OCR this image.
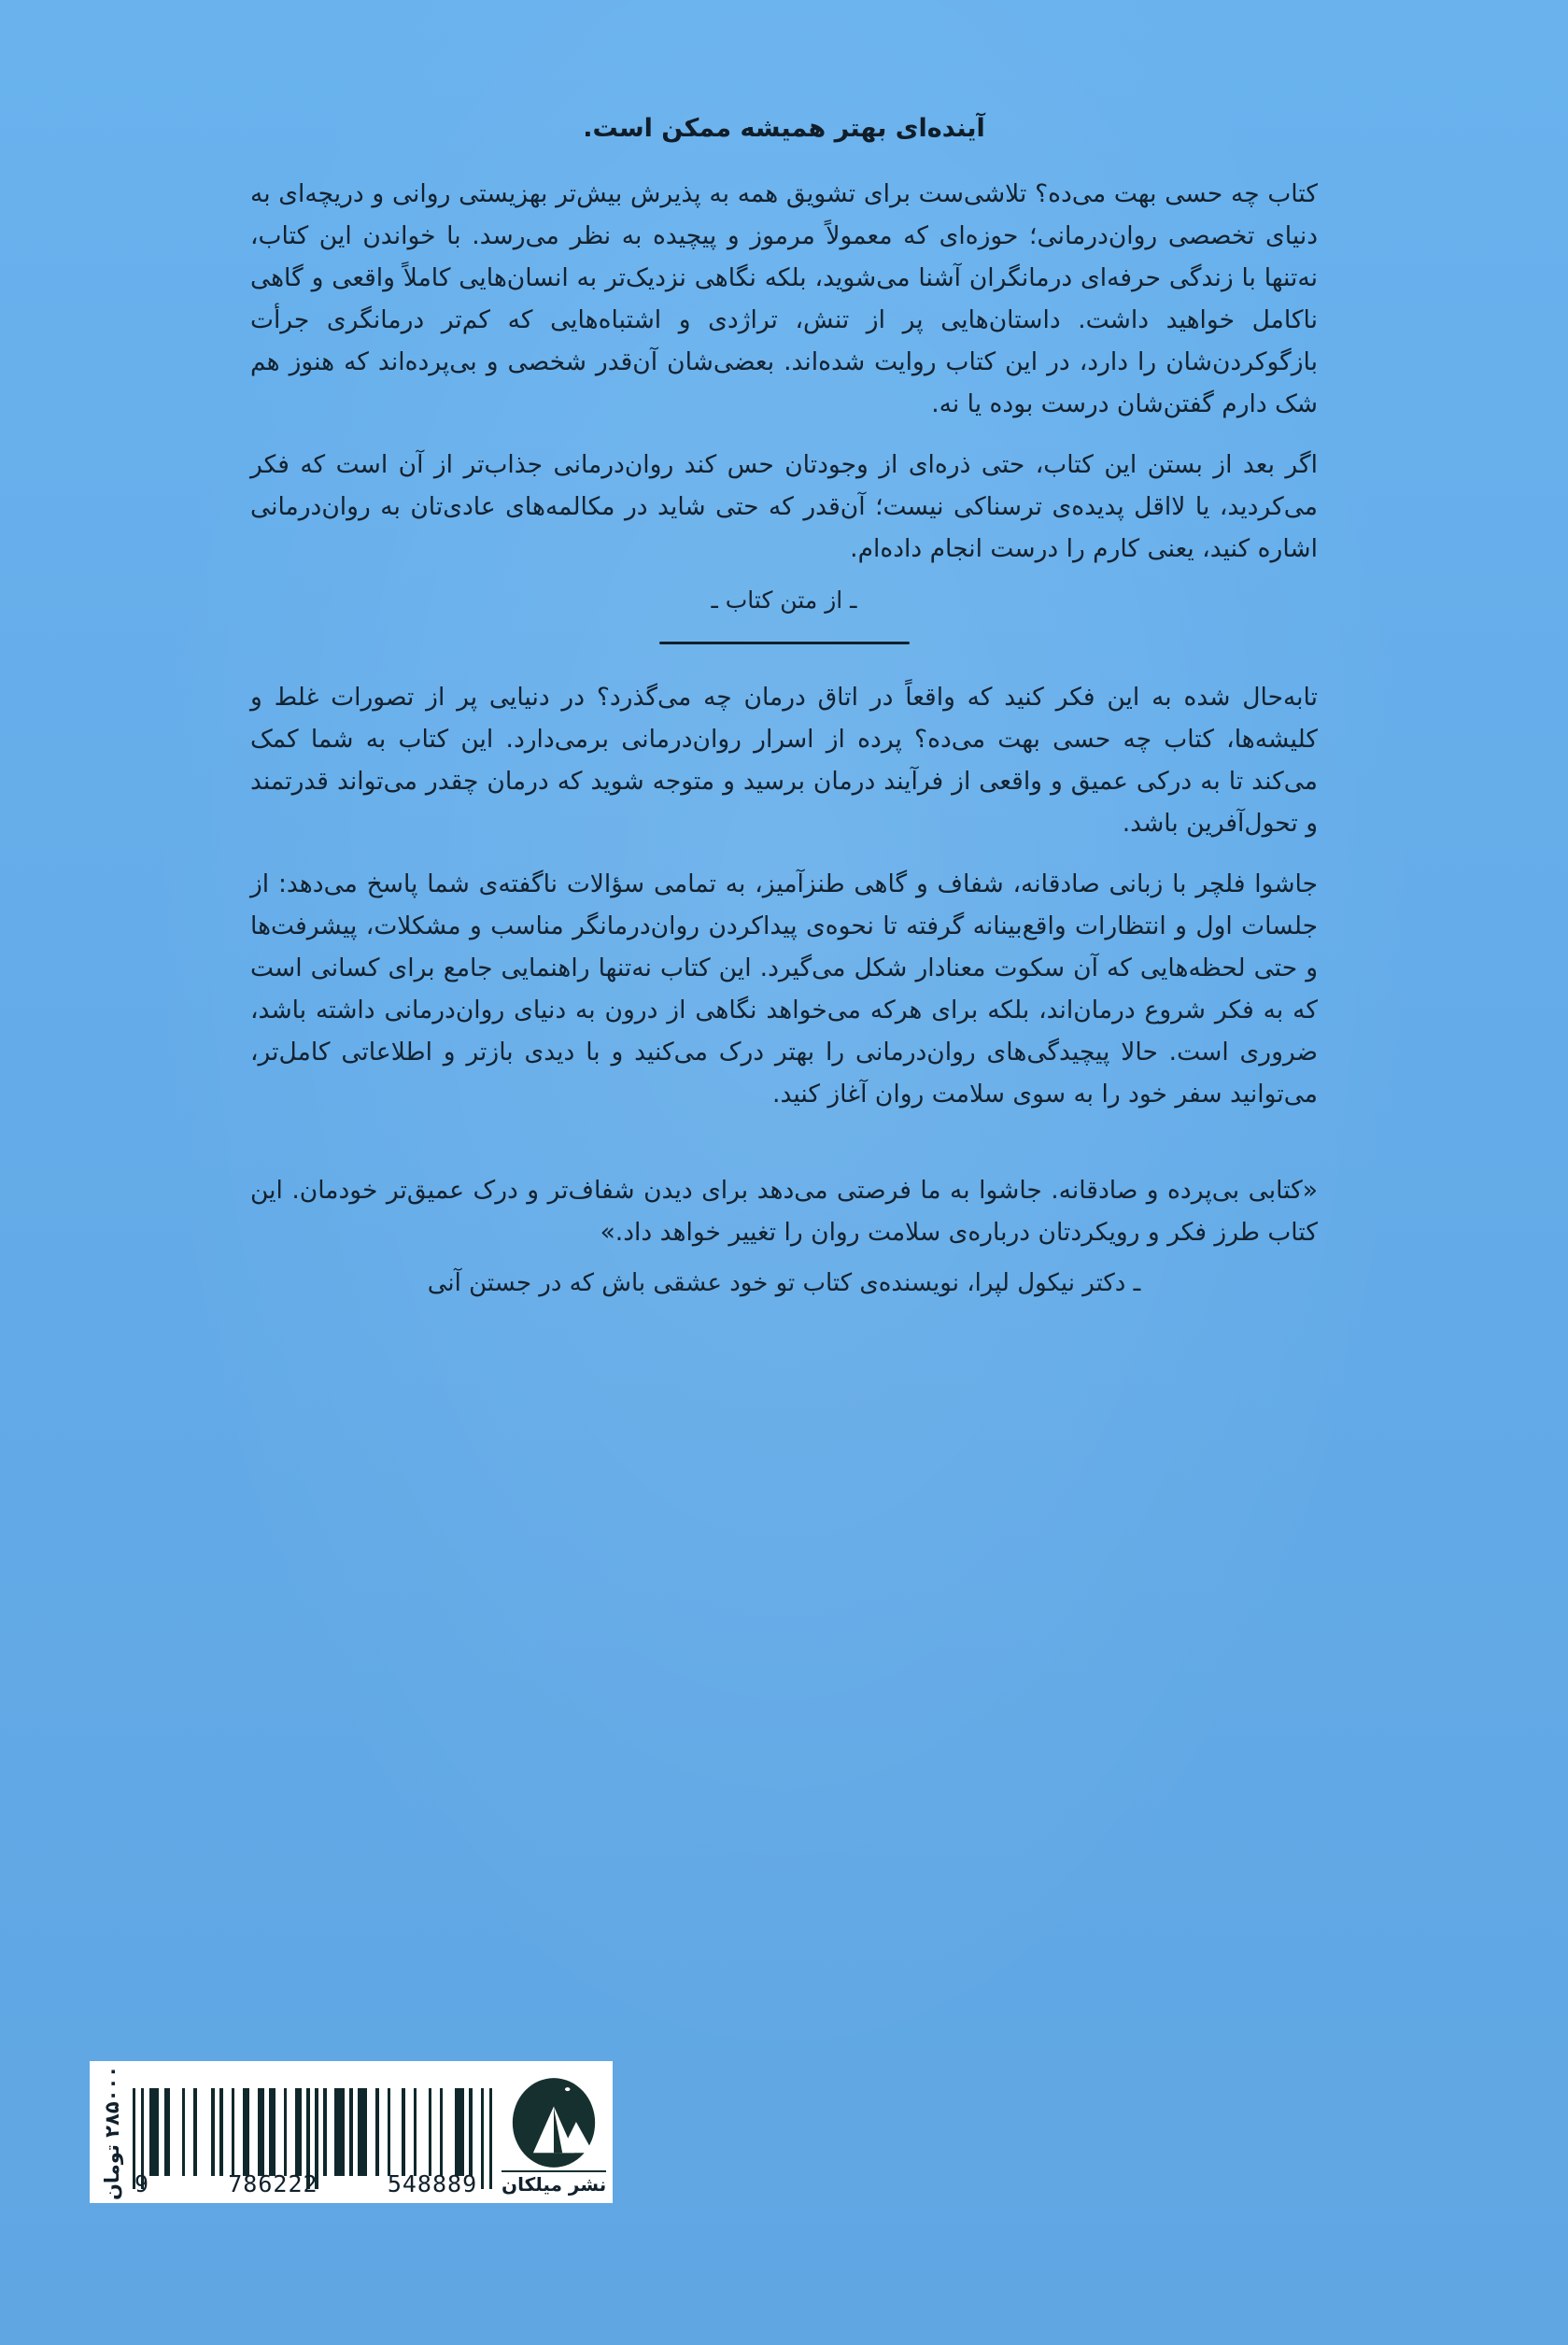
آینده‌ای بهتر همیشه ممکن است.

کتاب چه حسی بهت می‌ده؟ تلاشی‌ست برای تشویق همه به پذیرش بیش‌تر بهزیستی روانی و دریچه‌ای به دنیای تخصصی روان‌درمانی؛ حوزه‌ای که معمولاً مرموز و پیچیده به نظر می‌رسد. با خواندن این کتاب، نه‌تنها با زندگی حرفه‌ای درمانگران آشنا می‌شوید، بلکه نگاهی نزدیک‌تر به انسان‌هایی کاملاً واقعی و گاهی ناکامل خواهید داشت. داستان‌هایی پر از تنش، تراژدی و اشتباه‌هایی که کم‌تر درمانگری جرأت بازگوکردن‌شان را دارد، در این کتاب روایت شده‌اند. بعضی‌شان آن‌قدر شخصی و بی‌پرده‌اند که هنوز هم شک دارم گفتن‌شان درست بوده یا نه.

اگر بعد از بستن این کتاب، حتی ذره‌ای از وجودتان حس کند روان‌درمانی جذاب‌تر از آن است که فکر می‌کردید، یا لااقل پدیده‌ی ترسناکی نیست؛ آن‌قدر که حتی شاید در مکالمه‌های عادی‌تان به روان‌درمانی اشاره کنید، یعنی کارم را درست انجام داده‌ام.

ـ از متن کتاب ـ

تابه‌حال شده به این فکر کنید که واقعاً در اتاق درمان چه می‌گذرد؟ در دنیایی پر از تصورات غلط و کلیشه‌ها، کتاب چه حسی بهت می‌ده؟ پرده از اسرار روان‌درمانی برمی‌دارد. این کتاب به شما کمک می‌کند تا به درکی عمیق و واقعی از فرآیند درمان برسید و متوجه شوید که درمان چقدر می‌تواند قدرتمند و تحول‌آفرین باشد.

جاشوا فلچر با زبانی صادقانه، شفاف و گاهی طنزآمیز، به تمامی سؤالات ناگفته‌ی شما پاسخ می‌دهد: از جلسات اول و انتظارات واقع‌بینانه گرفته تا نحوه‌ی پیداکردن روان‌درمانگر مناسب و مشکلات، پیشرفت‌ها و حتی لحظه‌هایی که آن سکوت معنادار شکل می‌گیرد. این کتاب نه‌تنها راهنمایی جامع برای کسانی است که به فکر شروع درمان‌اند، بلکه برای هرکه می‌خواهد نگاهی از درون به دنیای روان‌درمانی داشته باشد، ضروری است. حالا پیچیدگی‌های روان‌درمانی را بهتر درک می‌کنید و با دیدی بازتر و اطلاعاتی کامل‌تر، می‌توانید سفر خود را به سوی سلامت روان آغاز کنید.

«کتابی بی‌پرده و صادقانه. جاشوا به ما فرصتی می‌دهد برای دیدن شفاف‌تر و درک عمیق‌تر خودمان. این کتاب طرز فکر و رویکردتان درباره‌ی سلامت روان را تغییر خواهد داد.»

ـ دکتر نیکول لپرا، نویسنده‌ی کتاب تو خود عشقی باش که در جستن آنی

۲۸۵۰۰۰ تومان
9	786222	548889 نشر میلکان
